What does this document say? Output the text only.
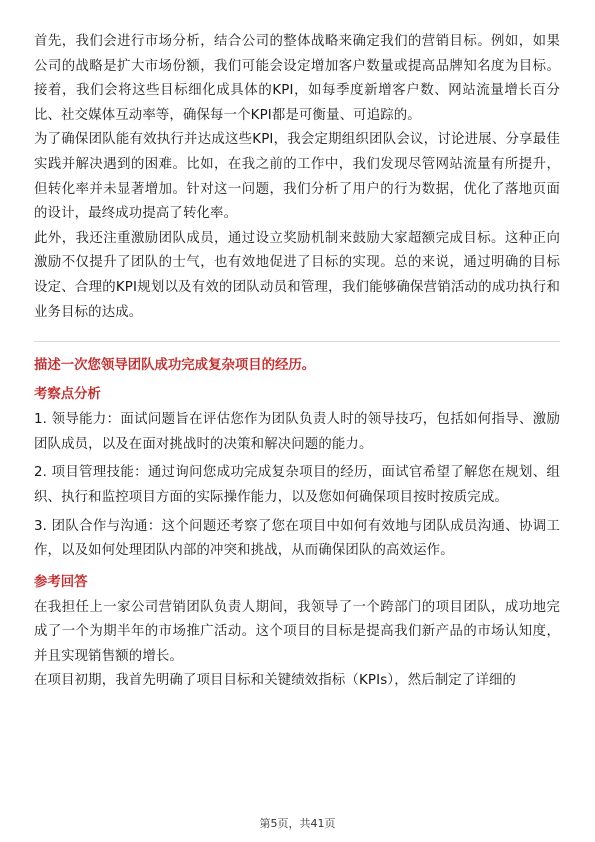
首先，我们会进行市场分析，结合公司的整体战略来确定我们的营销目标。例如，如果公司的战略是扩大市场份额，我们可能会设定增加客户数量或提高品牌知名度为目标。接着，我们会将这些目标细化成具体的KPI，如每季度新增客户数、网站流量增长百分比、社交媒体互动率等，确保每一个KPI都是可衡量、可追踪的。

为了确保团队能有效执行并达成这些KPI，我会定期组织团队会议，讨论进展、分享最佳实践并解决遇到的困难。比如，在我之前的工作中，我们发现尽管网站流量有所提升，但转化率并未显著增加。针对这一问题，我们分析了用户的行为数据，优化了落地页面的设计，最终成功提高了转化率。

此外，我还注重激励团队成员，通过设立奖励机制来鼓励大家超额完成目标。这种正向激励不仅提升了团队的士气，也有效地促进了目标的实现。总的来说，通过明确的目标设定、合理的KPI规划以及有效的团队动员和管理，我们能够确保营销活动的成功执行和业务目标的达成。

描述一次您领导团队成功完成复杂项目的经历。

考察点分析

1. 领导能力：面试问题旨在评估您作为团队负责人时的领导技巧，包括如何指导、激励团队成员，以及在面对挑战时的决策和解决问题的能力。

2. 项目管理技能：通过询问您成功完成复杂项目的经历，面试官希望了解您在规划、组织、执行和监控项目方面的实际操作能力，以及您如何确保项目按时按质完成。

3. 团队合作与沟通：这个问题还考察了您在项目中如何有效地与团队成员沟通、协调工作，以及如何处理团队内部的冲突和挑战，从而确保团队的高效运作。

参考回答

在我担任上一家公司营销团队负责人期间，我领导了一个跨部门的项目团队，成功地完成了一个为期半年的市场推广活动。这个项目的目标是提高我们新产品的市场认知度，并且实现销售额的增长。

在项目初期，我首先明确了项目目标和关键绩效指标（KPIs），然后制定了详细的

第5页，共41页
